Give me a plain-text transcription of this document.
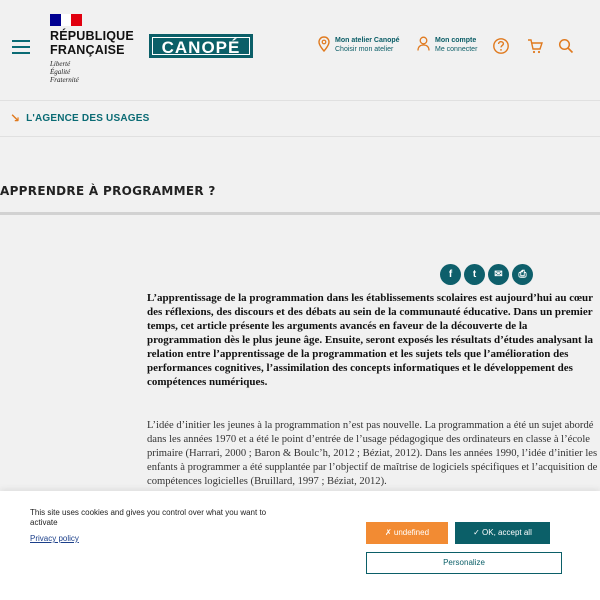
RÉPUBLIQUE
FRANÇAISE
Liberté
Égalité
Fraternité
CANOPÉ	Mon atelier Canopé
Choisir mon atelier
Mon compte
Me connecter
↘ L'AGENCE DES USAGES
APPRENDRE À PROGRAMMER ?
f t ✉ ⎙

L’apprentissage de la programmation dans les établissements scolaires est aujourd’hui au cœur des réflexions, des discours et des débats au sein de la communauté éducative. Dans un premier temps, cet article présente les arguments avancés en faveur de la découverte de la programmation dès le plus jeune âge. Ensuite, seront exposés les résultats d’études analysant la relation entre l’apprentissage de la programmation et les sujets tels que l’amélioration des performances cognitives, l’assimilation des concepts informatiques et le développement des compétences numériques.

L’idée d’initier les jeunes à la programmation n’est pas nouvelle. La programmation a été un sujet abordé dans les années 1970 et a été le point d’entrée de l’usage pédagogique des ordinateurs en classe à l’école primaire (Harrari, 2000 ; Baron & Boulc’h, 2012 ; Béziat, 2012). Dans les années 1990, l’idée d’initier les enfants à programmer a été supplantée par l’objectif de maîtrise de logiciels spécifiques et l’acquisition de compétences logicielles (Bruillard, 1997 ; Béziat, 2012).

This site uses cookies and gives you control over what you want to activate
Privacy policy
✗ undefined	✓ OK, accept all
Personalize
